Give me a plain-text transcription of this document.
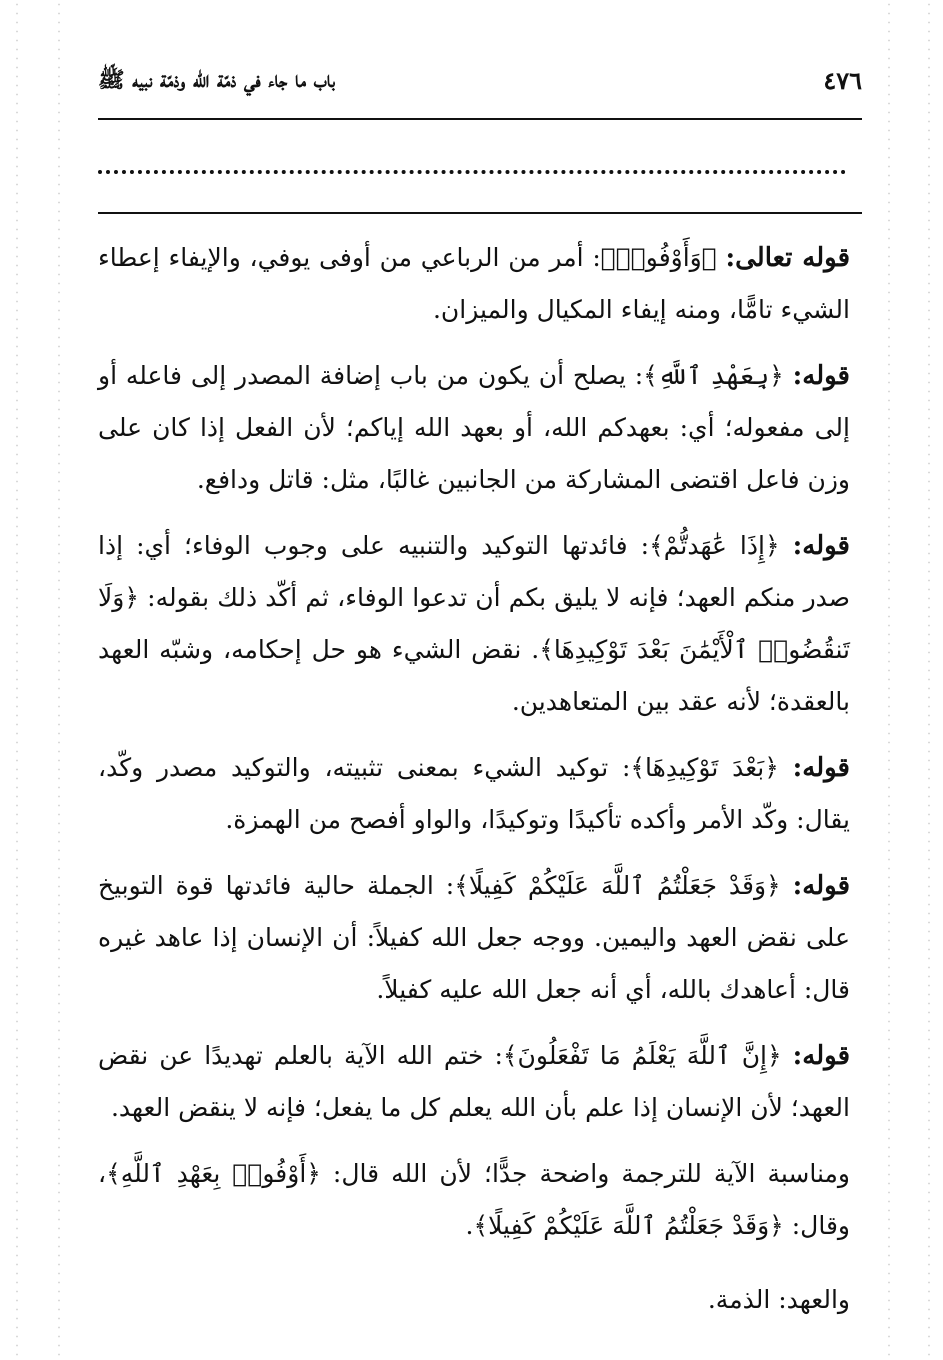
٤٧٦
باب ما جاء في ذمّة الله وذمّة نبيه ﷺ

قوله تعالى: ﴿وَأَوْفُوا۟﴾: أمر من الرباعي من أوفى يوفي، والإيفاء إعطاء الشيء تامًّا، ومنه إيفاء المكيال والميزان.

قوله: ﴿بِعَهْدِ ٱللَّهِ﴾: يصلح أن يكون من باب إضافة المصدر إلى فاعله أو إلى مفعوله؛ أي: بعهدكم الله، أو بعهد الله إياكم؛ لأن الفعل إذا كان على وزن فاعل اقتضى المشاركة من الجانبين غالبًا، مثل: قاتل ودافع.

قوله: ﴿إِذَا عَٰهَدتُّمْ﴾: فائدتها التوكيد والتنبيه على وجوب الوفاء؛ أي: إذا صدر منكم العهد؛ فإنه لا يليق بكم أن تدعوا الوفاء، ثم أكّد ذلك بقوله: ﴿وَلَا تَنقُضُوا۟ ٱلْأَيْمَٰنَ بَعْدَ تَوْكِيدِهَا﴾. نقض الشيء هو حل إحكامه، وشبّه العهد بالعقدة؛ لأنه عقد بين المتعاهدين.

قوله: ﴿بَعْدَ تَوْكِيدِهَا﴾: توكيد الشيء بمعنى تثبيته، والتوكيد مصدر وكّد، يقال: وكّد الأمر وأكده تأكيدًا وتوكيدًا، والواو أفصح من الهمزة.

قوله: ﴿وَقَدْ جَعَلْتُمُ ٱللَّهَ عَلَيْكُمْ كَفِيلًا﴾: الجملة حالية فائدتها قوة التوبيخ على نقض العهد واليمين. ووجه جعل الله كفيلاً: أن الإنسان إذا عاهد غيره قال: أعاهدك بالله، أي أنه جعل الله عليه كفيلاً.

قوله: ﴿إِنَّ ٱللَّهَ يَعْلَمُ مَا تَفْعَلُونَ﴾: ختم الله الآية بالعلم تهديدًا عن نقض العهد؛ لأن الإنسان إذا علم بأن الله يعلم كل ما يفعل؛ فإنه لا ينقض العهد.

ومناسبة الآية للترجمة واضحة جدًّا؛ لأن الله قال: ﴿أَوْفُوا۟ بِعَهْدِ ٱللَّهِ﴾، وقال: ﴿وَقَدْ جَعَلْتُمُ ٱللَّهَ عَلَيْكُمْ كَفِيلًا﴾.

والعهد: الذمة.
